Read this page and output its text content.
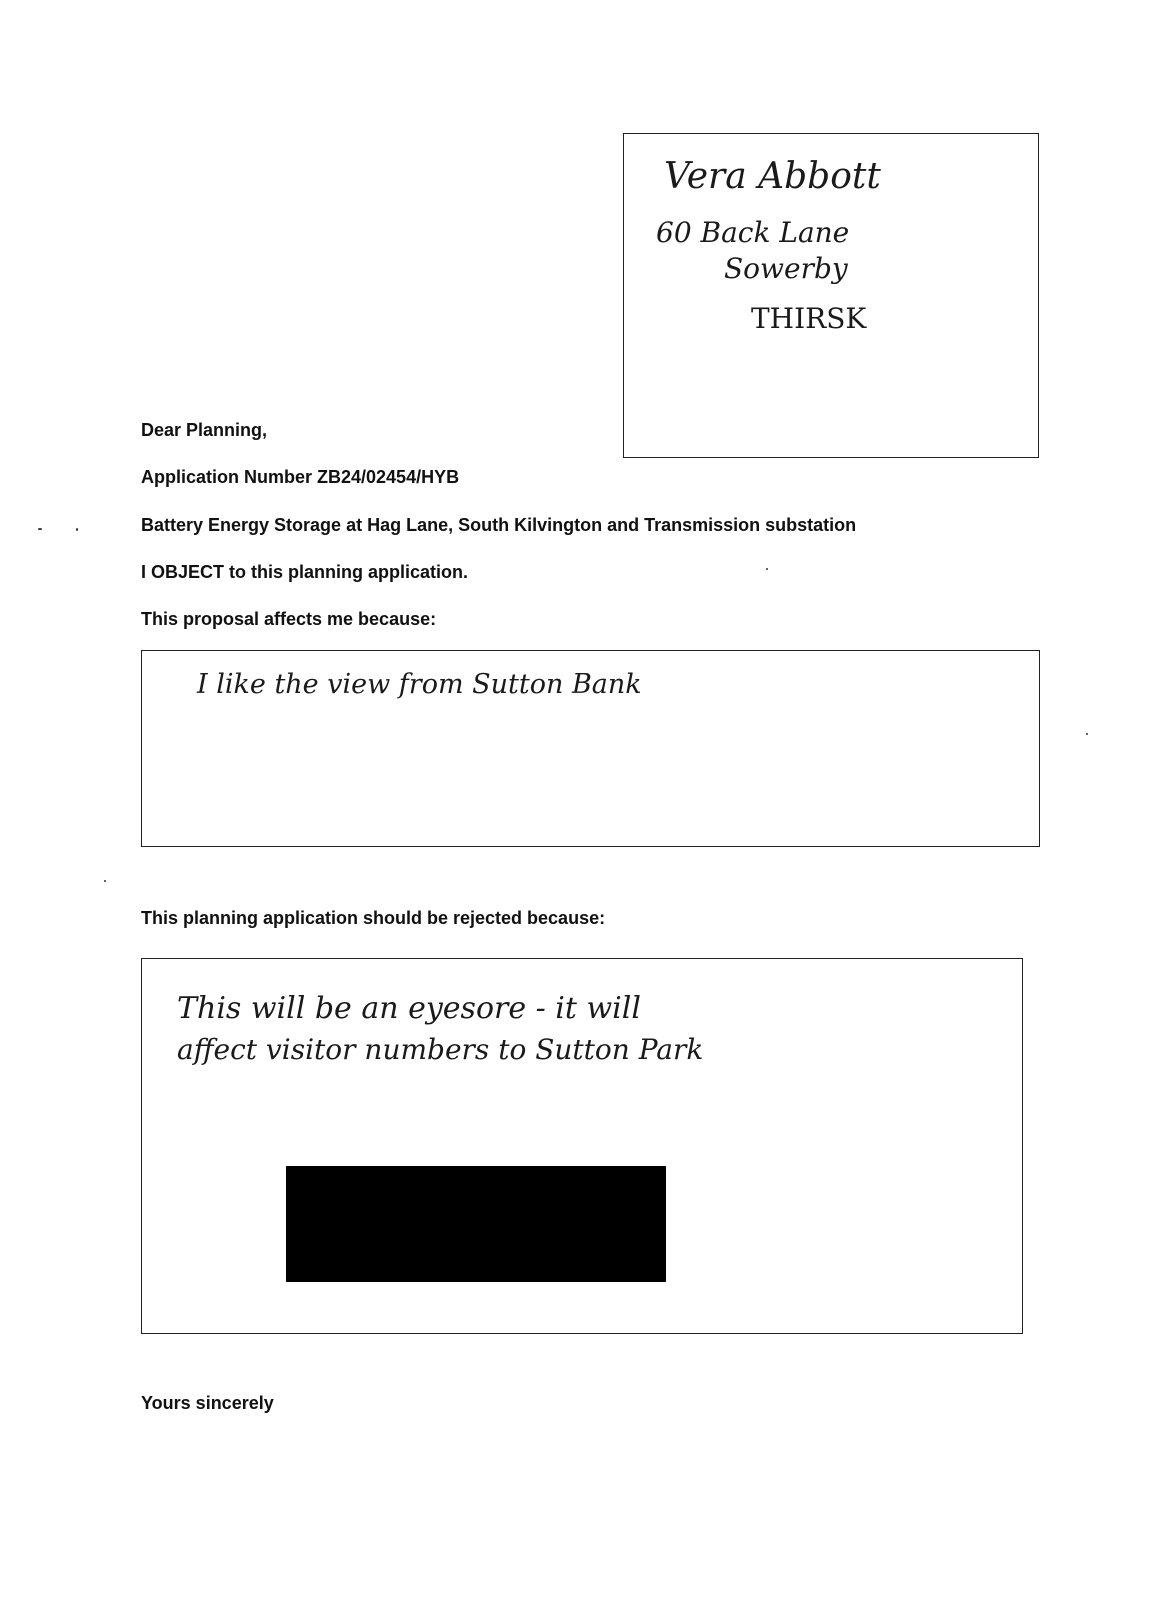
Vera Abbott
60 Back Lane
Sowerby
THIRSK
Dear Planning,
Application Number ZB24/02454/HYB
Battery Energy Storage at Hag Lane, South Kilvington and Transmission substation
I OBJECT to this planning application.
This proposal affects me because:
I like the view from Sutton Bank
This planning application should be rejected because:
This will be an eyesore - it will
affect visitor numbers to Sutton Park
Yours sincerely
